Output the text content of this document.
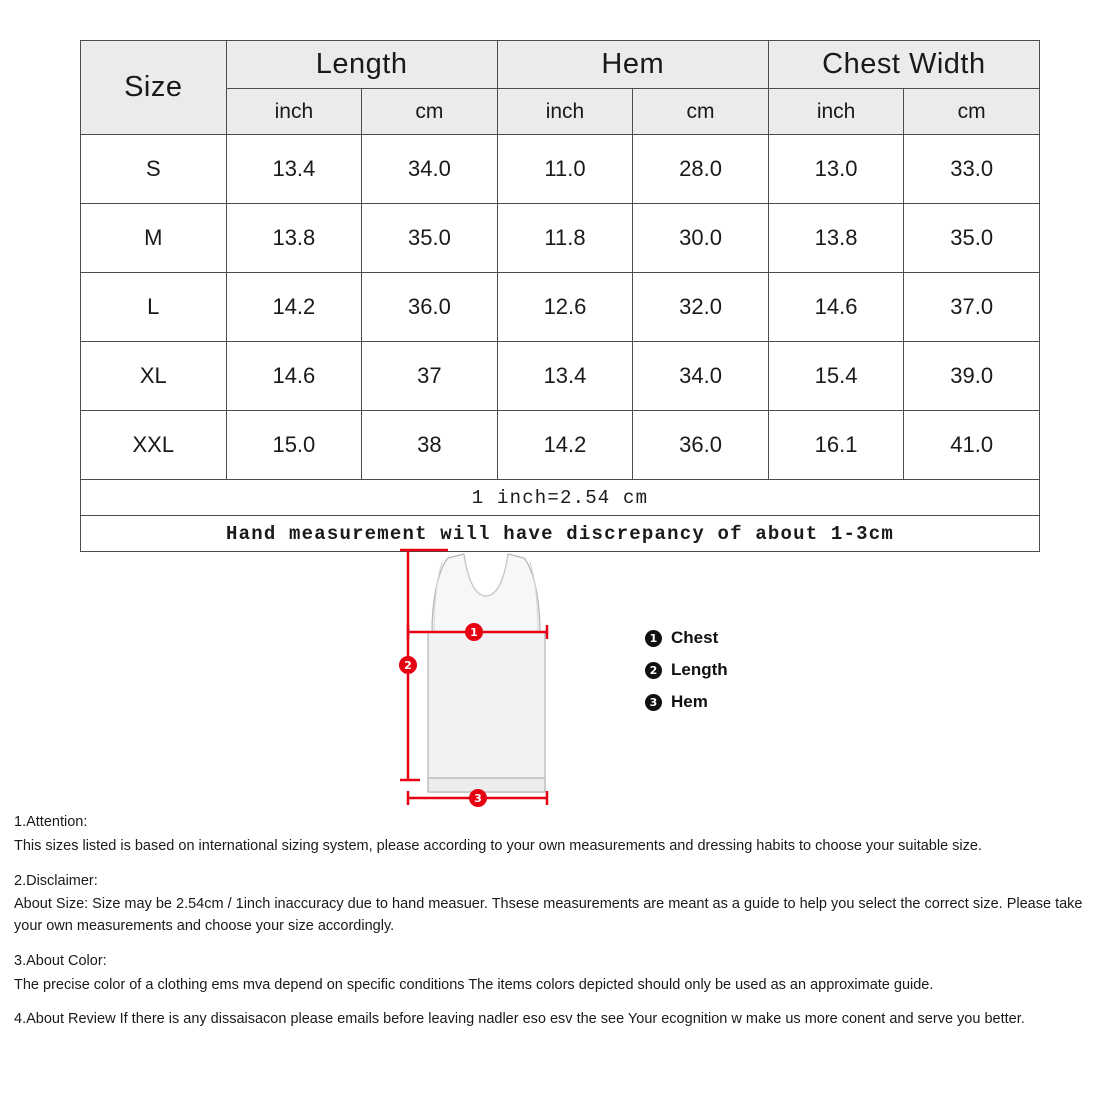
Size	Length		Hem		Chest Width	
	inch	cm	inch	cm	inch	cm
S	13.4	34.0	11.0	28.0	13.0	33.0
M	13.8	35.0	11.8	30.0	13.8	35.0
L	14.2	36.0	12.6	32.0	14.6	37.0
XL	14.6	37	13.4	34.0	15.4	39.0
XXL	15.0	38	14.2	36.0	16.1	41.0
1 inch=2.54 cm						
Hand measurement will have discrepancy of about 1-3cm						
1
2
3
1 Chest
2 Length
3 Hem

1.Attention:

This sizes listed is based on international sizing system, please according to your own measurements and dressing habits to choose your suitable size.

2.Disclaimer:

About Size: Size may be 2.54cm / 1inch inaccuracy due to hand measuer. Thsese measurements are meant as a guide to help you select the correct size. Please take your own measurements and choose your size accordingly.

3.About Color:

The precise color of a clothing ems mva depend on specific conditions The items colors depicted should only be used as an approximate guide.

4.About Review If there is any dissaisacon please emails before leaving nadler eso esv the see Your ecognition w make us more conent and serve you better.
